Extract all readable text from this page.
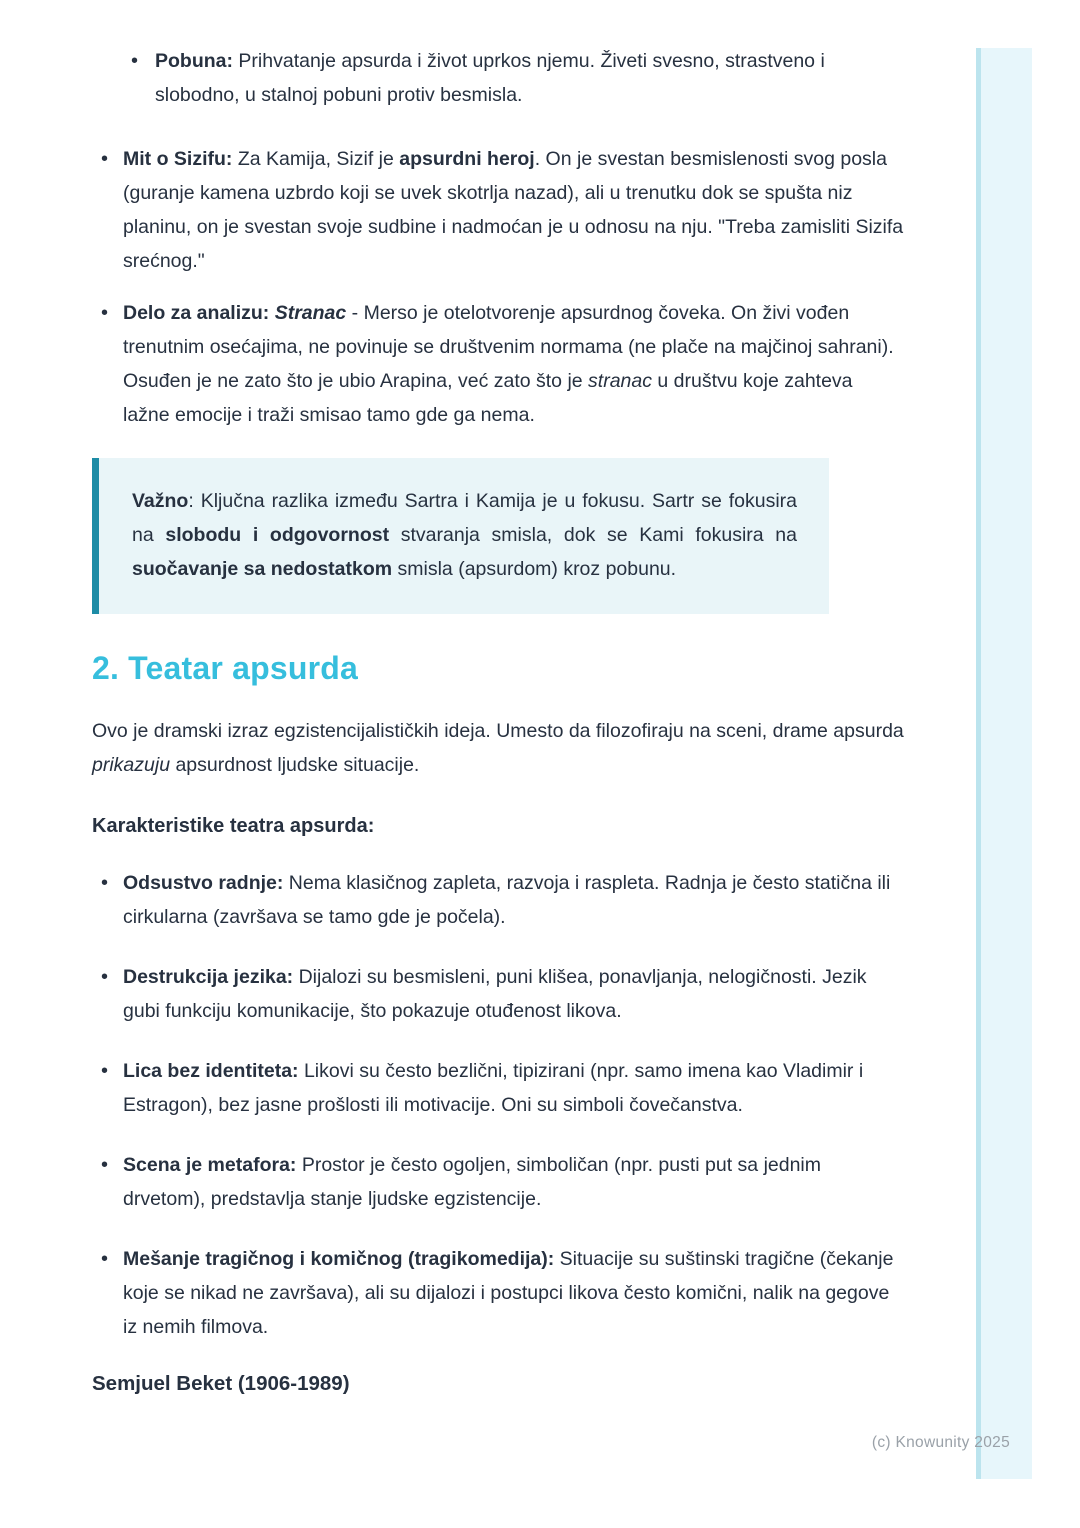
• Pobuna: Prihvatanje apsurda i život uprkos njemu. Živeti svesno, strastveno i slobodno, u stalnoj pobuni protiv besmisla.
• Mit o Sizifu: Za Kamija, Sizif je apsurdni heroj. On je svestan besmislenosti svog posla (guranje kamena uzbrdo koji se uvek skotrlja nazad), ali u trenutku dok se spušta niz planinu, on je svestan svoje sudbine i nadmoćan je u odnosu na nju. "Treba zamisliti Sizifa srećnog."
• Delo za analizu: Stranac - Merso je otelotvorenje apsurdnog čoveka. On živi vođen trenutnim osećajima, ne povinuje se društvenim normama (ne plače na majčinoj sahrani). Osuđen je ne zato što je ubio Arapina, već zato što je stranac u društvu koje zahteva lažne emocije i traži smisao tamo gde ga nema.
Važno: Ključna razlika između Sartra i Kamija je u fokusu. Sartr se fokusira na slobodu i odgovornost stvaranja smisla, dok se Kami fokusira na suočavanje sa nedostatkom smisla (apsurdom) kroz pobunu.
2. Teatar apsurda

Ovo je dramski izraz egzistencijalističkih ideja. Umesto da filozofiraju na sceni, drame apsurda prikazuju apsurdnost ljudske situacije.

Karakteristike teatra apsurda:
• Odsustvo radnje: Nema klasičnog zapleta, razvoja i raspleta. Radnja je često statična ili cirkularna (završava se tamo gde je počela).
• Destrukcija jezika: Dijalozi su besmisleni, puni klišea, ponavljanja, nelogičnosti. Jezik gubi funkciju komunikacije, što pokazuje otuđenost likova.
• Lica bez identiteta: Likovi su često bezlični, tipizirani (npr. samo imena kao Vladimir i Estragon), bez jasne prošlosti ili motivacije. Oni su simboli čovečanstva.
• Scena je metafora: Prostor je često ogoljen, simboličan (npr. pusti put sa jednim drvetom), predstavlja stanje ljudske egzistencije.
• Mešanje tragičnog i komičnog (tragikomedija): Situacije su suštinski tragične (čekanje koje se nikad ne završava), ali su dijalozi i postupci likova često komični, nalik na gegove iz nemih filmova.
Semjuel Beket (1906-1989)
(c) Knowunity 2025
